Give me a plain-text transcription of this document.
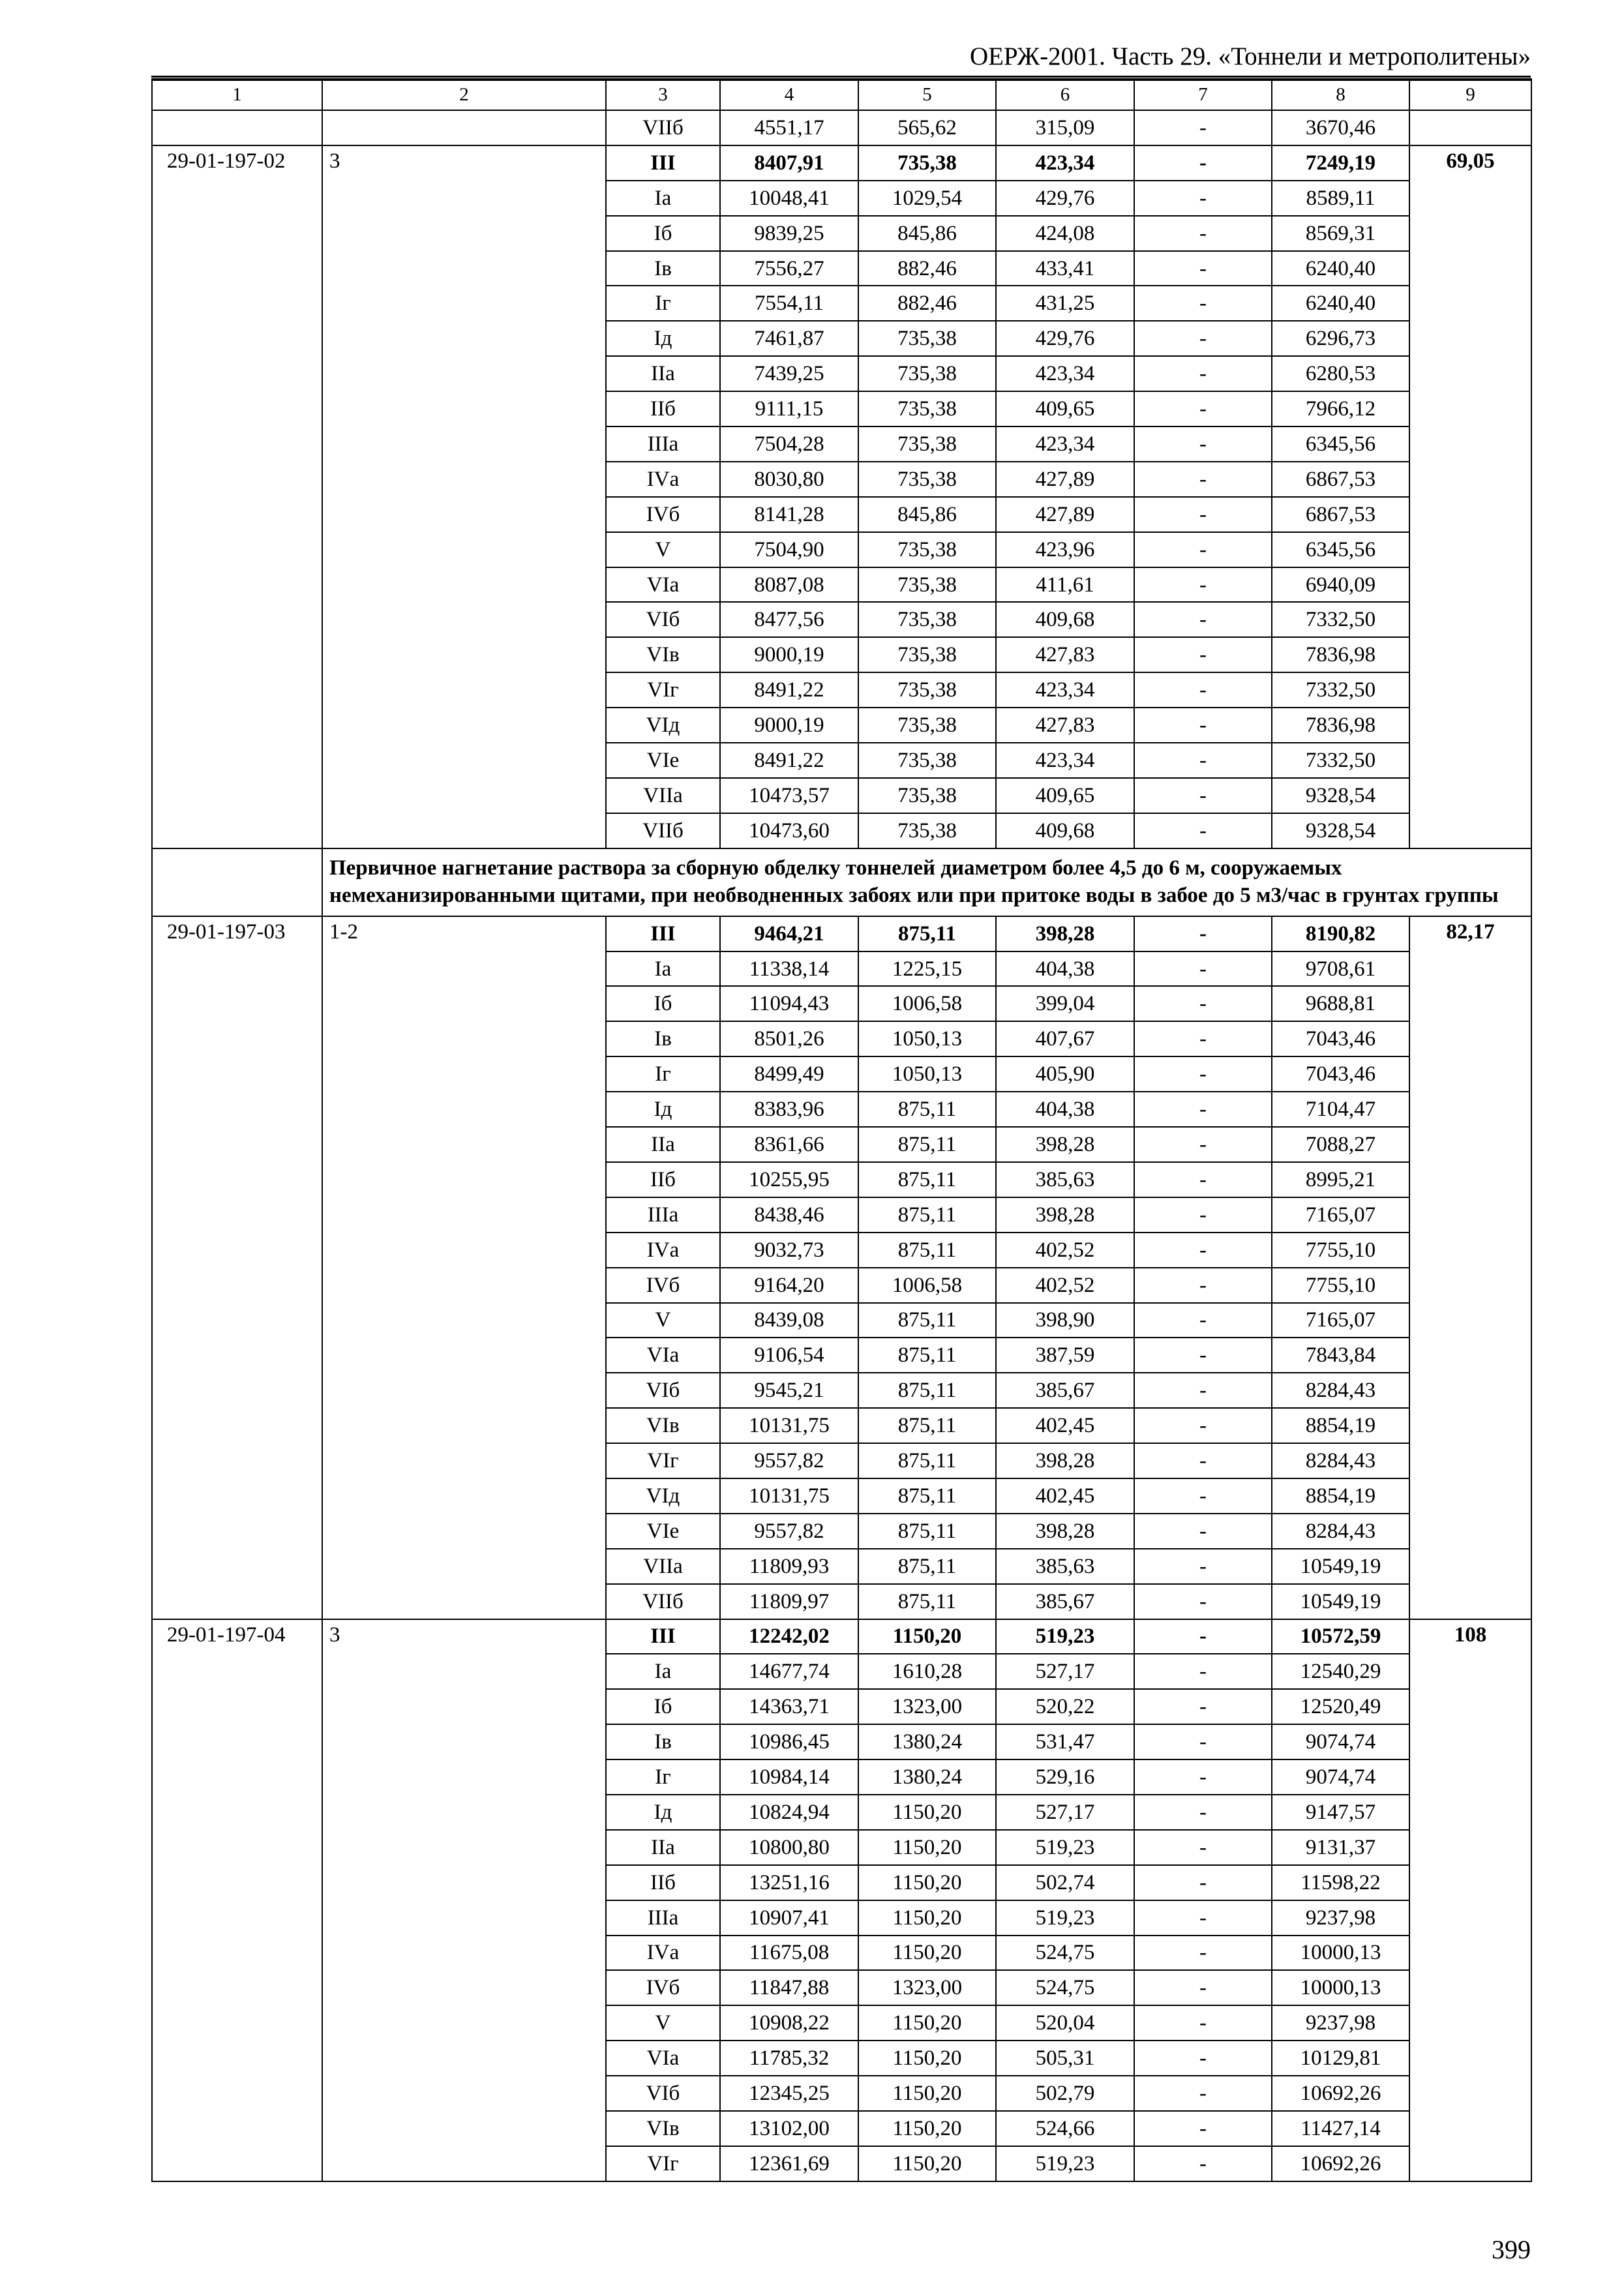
ОЕРЖ-2001. Часть 29. «Тоннели и метрополитены»
1	2	3	4	5	6	7	8	9
		VIIб	4551,17	565,62	315,09	-	3670,46	
29-01-197-02	3	III	8407,91	735,38	423,34	-	7249,19	69,05
		Iа	10048,41	1029,54	429,76	-	8589,11	
		Iб	9839,25	845,86	424,08	-	8569,31	
		Iв	7556,27	882,46	433,41	-	6240,40	
		Iг	7554,11	882,46	431,25	-	6240,40	
		Iд	7461,87	735,38	429,76	-	6296,73	
		IIа	7439,25	735,38	423,34	-	6280,53	
		IIб	9111,15	735,38	409,65	-	7966,12	
		IIIа	7504,28	735,38	423,34	-	6345,56	
		IVа	8030,80	735,38	427,89	-	6867,53	
		IVб	8141,28	845,86	427,89	-	6867,53	
		V	7504,90	735,38	423,96	-	6345,56	
		VIа	8087,08	735,38	411,61	-	6940,09	
		VIб	8477,56	735,38	409,68	-	7332,50	
		VIв	9000,19	735,38	427,83	-	7836,98	
		VIг	8491,22	735,38	423,34	-	7332,50	
		VIд	9000,19	735,38	427,83	-	7836,98	
		VIе	8491,22	735,38	423,34	-	7332,50	
		VIIа	10473,57	735,38	409,65	-	9328,54	
		VIIб	10473,60	735,38	409,68	-	9328,54	
	Первичное нагнетание раствора за сборную обделку тоннелей диаметром более 4,5 до 6 м, сооружаемых немеханизированными щитами, при необводненных забоях или при притоке воды в забое до 5 м3/час в грунтах группы							
29-01-197-03	1-2	III	9464,21	875,11	398,28	-	8190,82	82,17
		Iа	11338,14	1225,15	404,38	-	9708,61	
		Iб	11094,43	1006,58	399,04	-	9688,81	
		Iв	8501,26	1050,13	407,67	-	7043,46	
		Iг	8499,49	1050,13	405,90	-	7043,46	
		Iд	8383,96	875,11	404,38	-	7104,47	
		IIа	8361,66	875,11	398,28	-	7088,27	
		IIб	10255,95	875,11	385,63	-	8995,21	
		IIIа	8438,46	875,11	398,28	-	7165,07	
		IVа	9032,73	875,11	402,52	-	7755,10	
		IVб	9164,20	1006,58	402,52	-	7755,10	
		V	8439,08	875,11	398,90	-	7165,07	
		VIа	9106,54	875,11	387,59	-	7843,84	
		VIб	9545,21	875,11	385,67	-	8284,43	
		VIв	10131,75	875,11	402,45	-	8854,19	
		VIг	9557,82	875,11	398,28	-	8284,43	
		VIд	10131,75	875,11	402,45	-	8854,19	
		VIе	9557,82	875,11	398,28	-	8284,43	
		VIIа	11809,93	875,11	385,63	-	10549,19	
		VIIб	11809,97	875,11	385,67	-	10549,19	
29-01-197-04	3	III	12242,02	1150,20	519,23	-	10572,59	108
		Iа	14677,74	1610,28	527,17	-	12540,29	
		Iб	14363,71	1323,00	520,22	-	12520,49	
		Iв	10986,45	1380,24	531,47	-	9074,74	
		Iг	10984,14	1380,24	529,16	-	9074,74	
		Iд	10824,94	1150,20	527,17	-	9147,57	
		IIа	10800,80	1150,20	519,23	-	9131,37	
		IIб	13251,16	1150,20	502,74	-	11598,22	
		IIIа	10907,41	1150,20	519,23	-	9237,98	
		IVа	11675,08	1150,20	524,75	-	10000,13	
		IVб	11847,88	1323,00	524,75	-	10000,13	
		V	10908,22	1150,20	520,04	-	9237,98	
		VIа	11785,32	1150,20	505,31	-	10129,81	
		VIб	12345,25	1150,20	502,79	-	10692,26	
		VIв	13102,00	1150,20	524,66	-	11427,14	
		VIг	12361,69	1150,20	519,23	-	10692,26	
399
